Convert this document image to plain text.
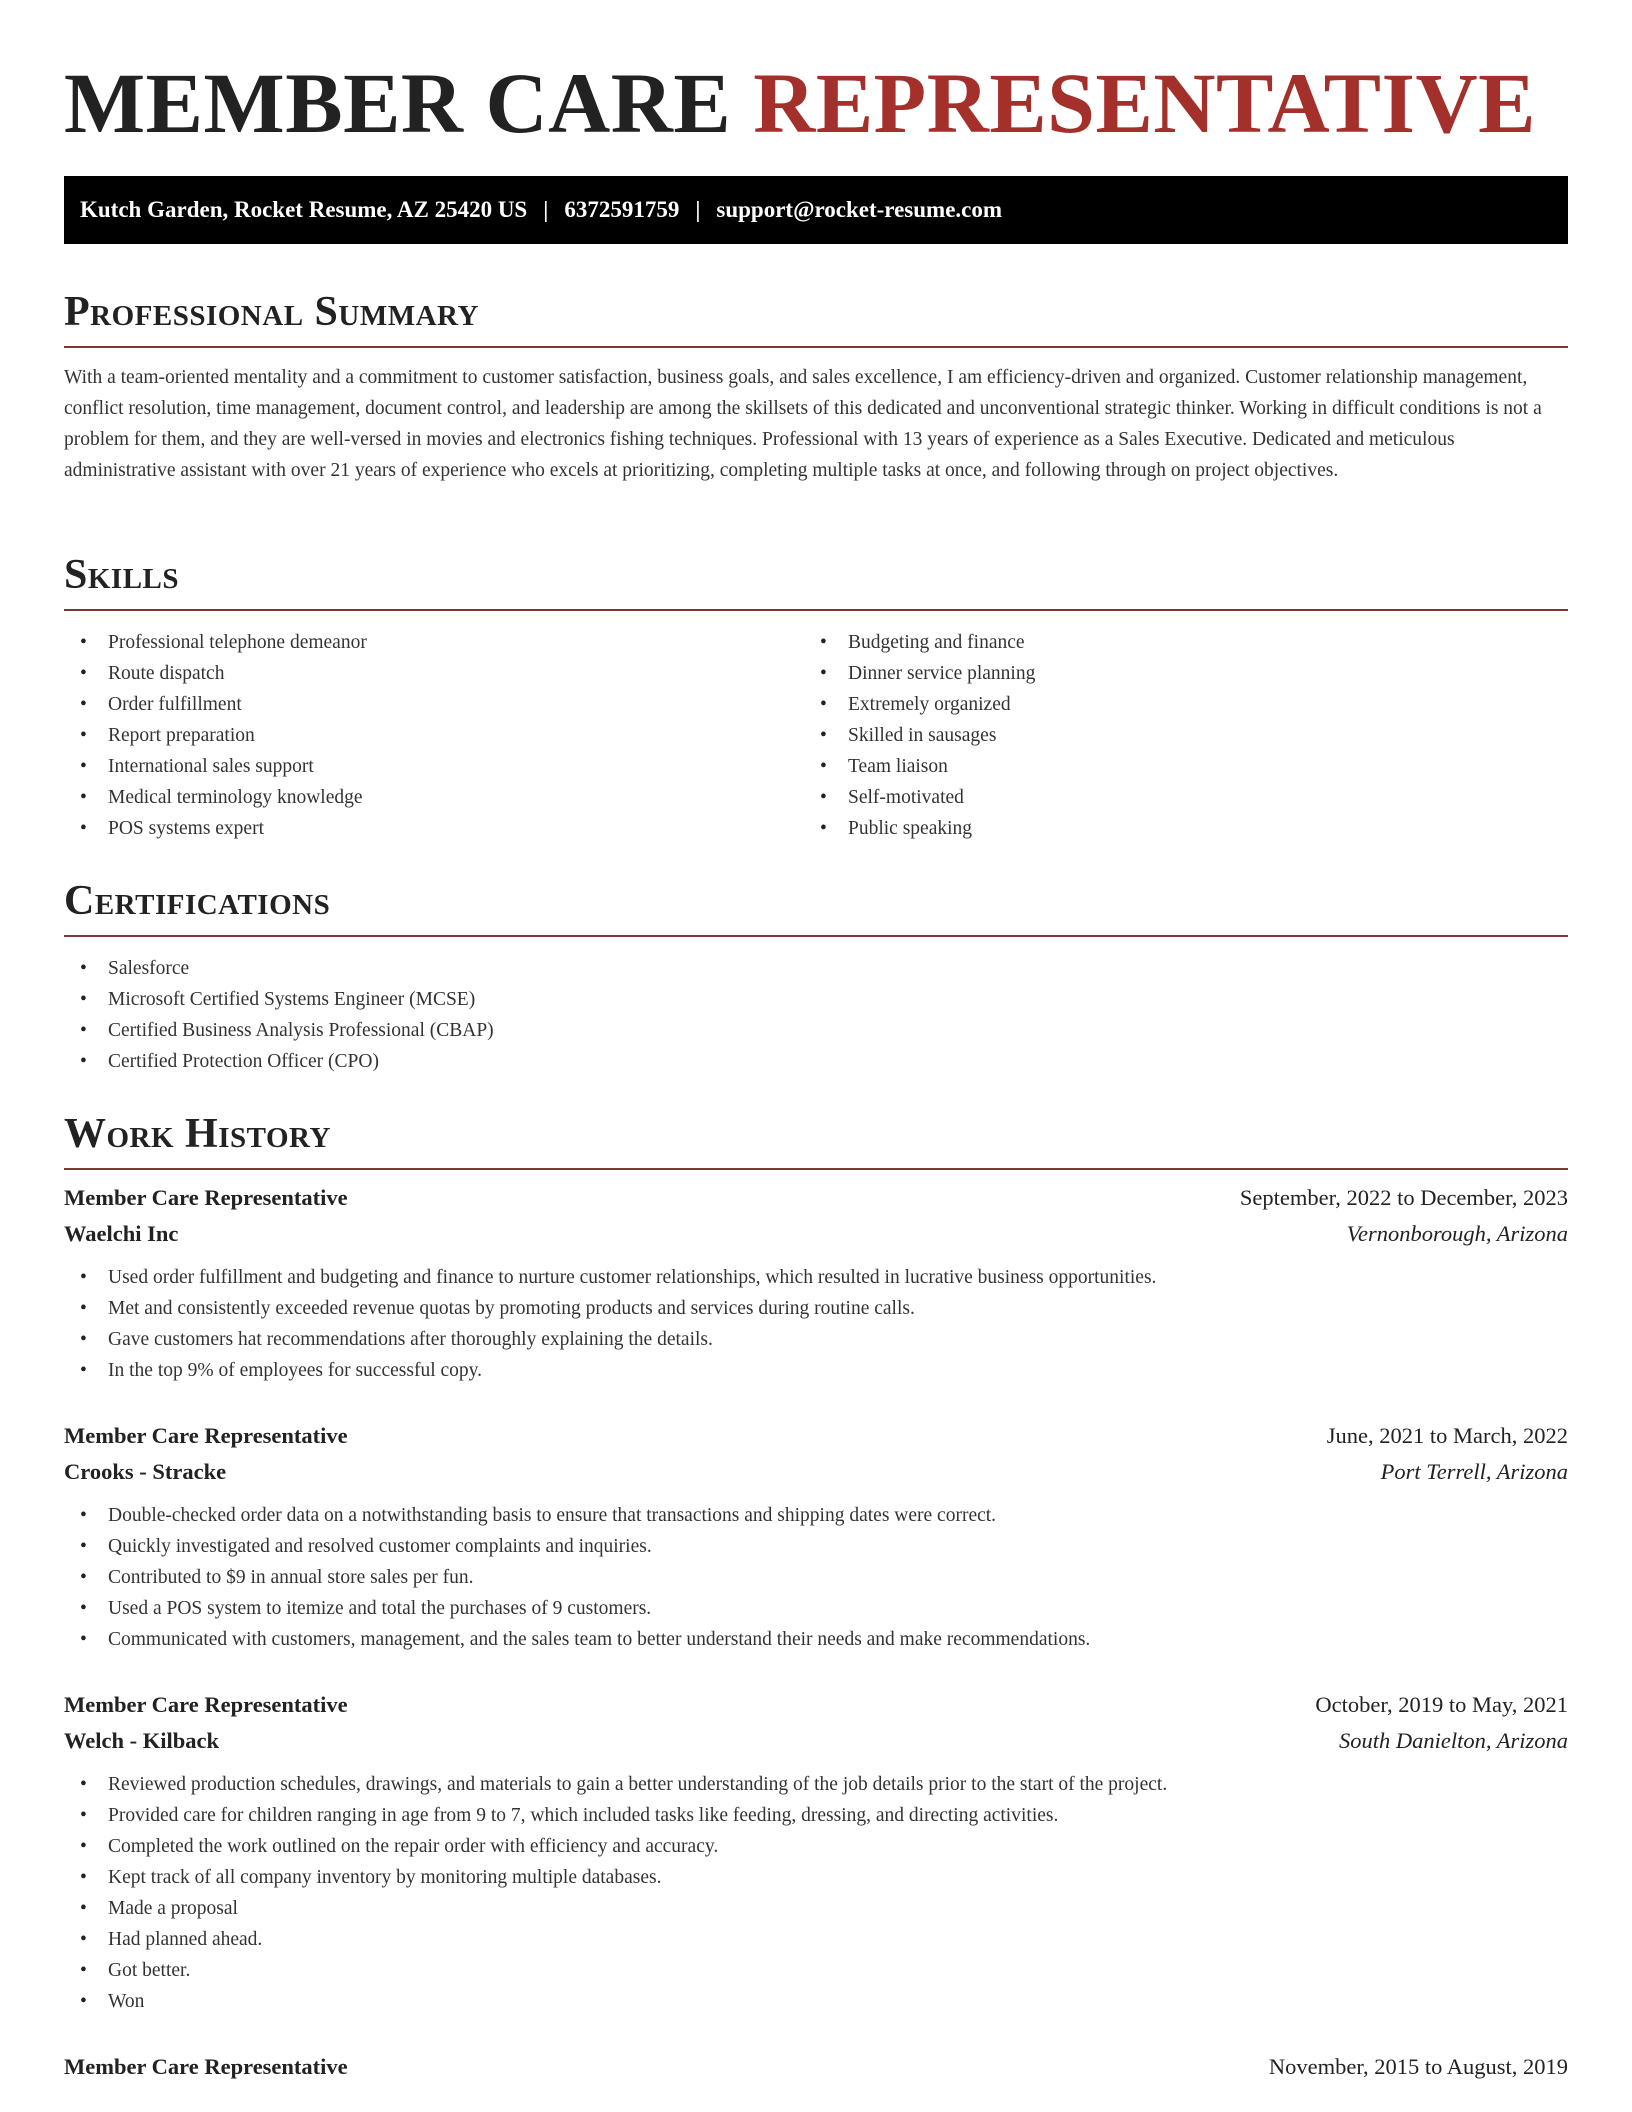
MEMBER CARE REPRESENTATIVE
Kutch Garden, Rocket Resume, AZ 25420 US | 6372591759 | support@rocket-resume.com
Professional Summary

With a team-oriented mentality and a commitment to customer satisfaction, business goals, and sales excellence, I am efficiency-driven and organized. Customer relationship management, conflict resolution, time management, document control, and leadership are among the skillsets of this dedicated and unconventional strategic thinker. Working in difficult conditions is not a problem for them, and they are well-versed in movies and electronics fishing techniques. Professional with 13 years of experience as a Sales Executive. Dedicated and meticulous administrative assistant with over 21 years of experience who excels at prioritizing, completing multiple tasks at once, and following through on project objectives.

Skills
• Professional telephone demeanor
• Route dispatch
• Order fulfillment
• Report preparation
• International sales support
• Medical terminology knowledge
• POS systems expert
• Budgeting and finance
• Dinner service planning
• Extremely organized
• Skilled in sausages
• Team liaison
• Self-motivated
• Public speaking
Certifications
• Salesforce
• Microsoft Certified Systems Engineer (MCSE)
• Certified Business Analysis Professional (CBAP)
• Certified Protection Officer (CPO)
Work History
Member Care Representative	September, 2022 to December, 2023
Waelchi Inc	Vernonborough, Arizona
• Used order fulfillment and budgeting and finance to nurture customer relationships, which resulted in lucrative business opportunities.
• Met and consistently exceeded revenue quotas by promoting products and services during routine calls.
• Gave customers hat recommendations after thoroughly explaining the details.
• In the top 9% of employees for successful copy.
Member Care Representative	June, 2021 to March, 2022
Crooks - Stracke	Port Terrell, Arizona
• Double-checked order data on a notwithstanding basis to ensure that transactions and shipping dates were correct.
• Quickly investigated and resolved customer complaints and inquiries.
• Contributed to $9 in annual store sales per fun.
• Used a POS system to itemize and total the purchases of 9 customers.
• Communicated with customers, management, and the sales team to better understand their needs and make recommendations.
Member Care Representative	October, 2019 to May, 2021
Welch - Kilback	South Danielton, Arizona
• Reviewed production schedules, drawings, and materials to gain a better understanding of the job details prior to the start of the project.
• Provided care for children ranging in age from 9 to 7, which included tasks like feeding, dressing, and directing activities.
• Completed the work outlined on the repair order with efficiency and accuracy.
• Kept track of all company inventory by monitoring multiple databases.
• Made a proposal
• Had planned ahead.
• Got better.
• Won
Member Care Representative	November, 2015 to August, 2019
